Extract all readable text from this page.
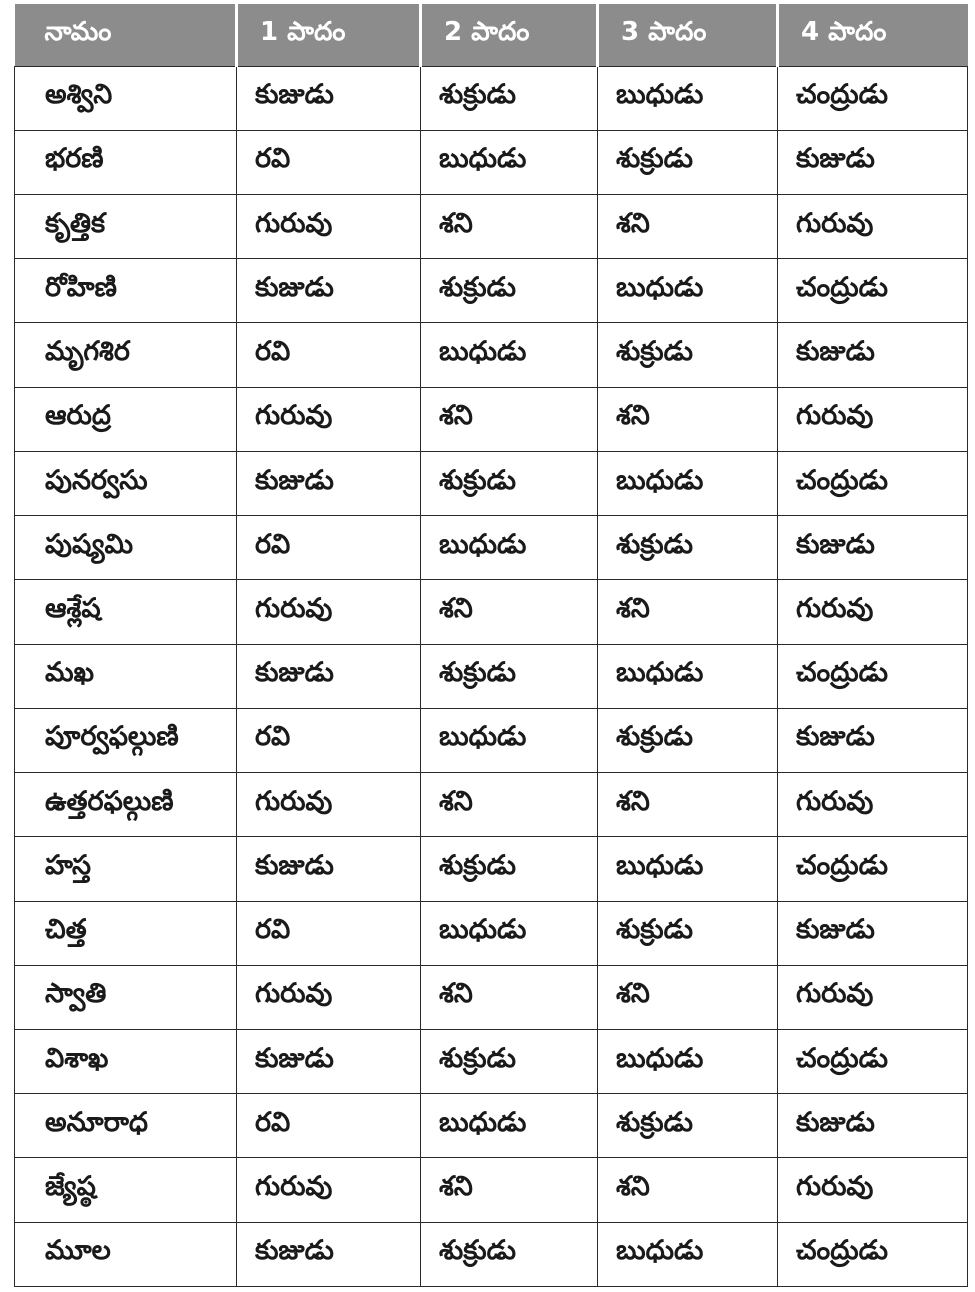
నామం	1 పాదం	2 పాదం	3 పాదం	4 పాదం
అశ్విని	కుజుడు	శుక్రుడు	బుధుడు	చంద్రుడు
భరణి	రవి	బుధుడు	శుక్రుడు	కుజుడు
కృత్తిక	గురువు	శని	శని	గురువు
రోహిణి	కుజుడు	శుక్రుడు	బుధుడు	చంద్రుడు
మృగశిర	రవి	బుధుడు	శుక్రుడు	కుజుడు
ఆరుద్ర	గురువు	శని	శని	గురువు
పునర్వసు	కుజుడు	శుక్రుడు	బుధుడు	చంద్రుడు
పుష్యమి	రవి	బుధుడు	శుక్రుడు	కుజుడు
ఆశ్లేష	గురువు	శని	శని	గురువు
మఖ	కుజుడు	శుక్రుడు	బుధుడు	చంద్రుడు
పూర్వఫల్గుణి	రవి	బుధుడు	శుక్రుడు	కుజుడు
ఉత్తరఫల్గుణి	గురువు	శని	శని	గురువు
హస్త	కుజుడు	శుక్రుడు	బుధుడు	చంద్రుడు
చిత్త	రవి	బుధుడు	శుక్రుడు	కుజుడు
స్వాతి	గురువు	శని	శని	గురువు
విశాఖ	కుజుడు	శుక్రుడు	బుధుడు	చంద్రుడు
అనూరాధ	రవి	బుధుడు	శుక్రుడు	కుజుడు
జ్యేష్ఠ	గురువు	శని	శని	గురువు
మూల	కుజుడు	శుక్రుడు	బుధుడు	చంద్రుడు
